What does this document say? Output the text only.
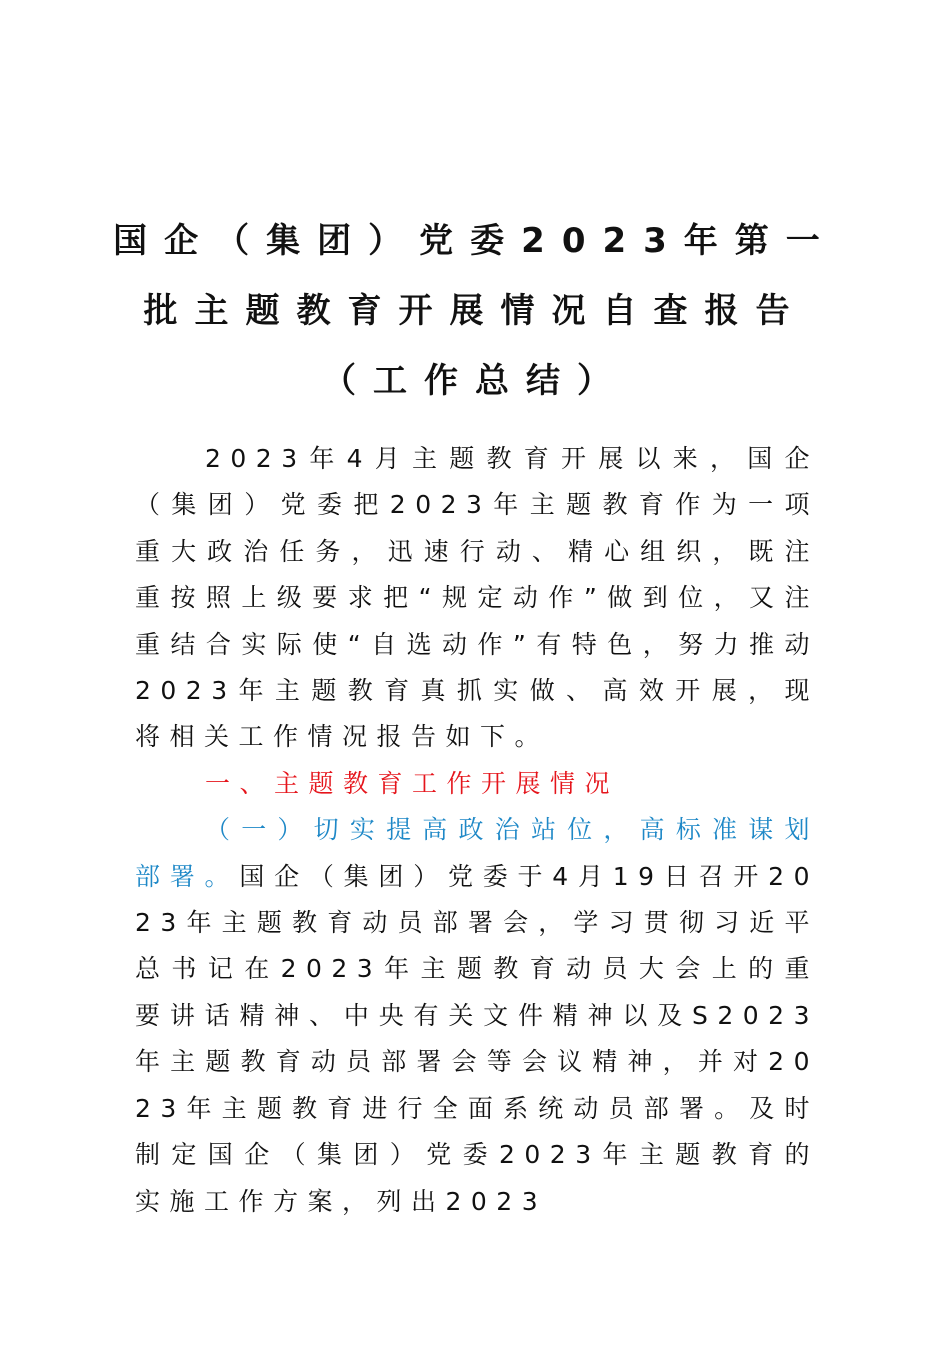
国企（集团）党委2023年第一
批主题教育开展情况自查报告
（工作总结）

2023年4月主题教育开展以来，国企（集团）党委把2023年主题教育作为一项重大政治任务，迅速行动、精心组织，既注重按照上级要求把“规定动作”做到位，又注重结合实际使“自选动作”有特色，努力推动2023年主题教育真抓实做、高效开展，现将相关工作情况报告如下。

一、主题教育工作开展情况

（一）切实提高政治站位，高标准谋划部署。国企（集团）党委于4月19日召开2023年主题教育动员部署会，学习贯彻习近平总书记在2023年主题教育动员大会上的重要讲话精神、中央有关文件精神以及S2023年主题教育动员部署会等会议精神，并对2023年主题教育进行全面系统动员部署。及时制定国企（集团）党委2023年主题教育的实施工作方案，列出2023
